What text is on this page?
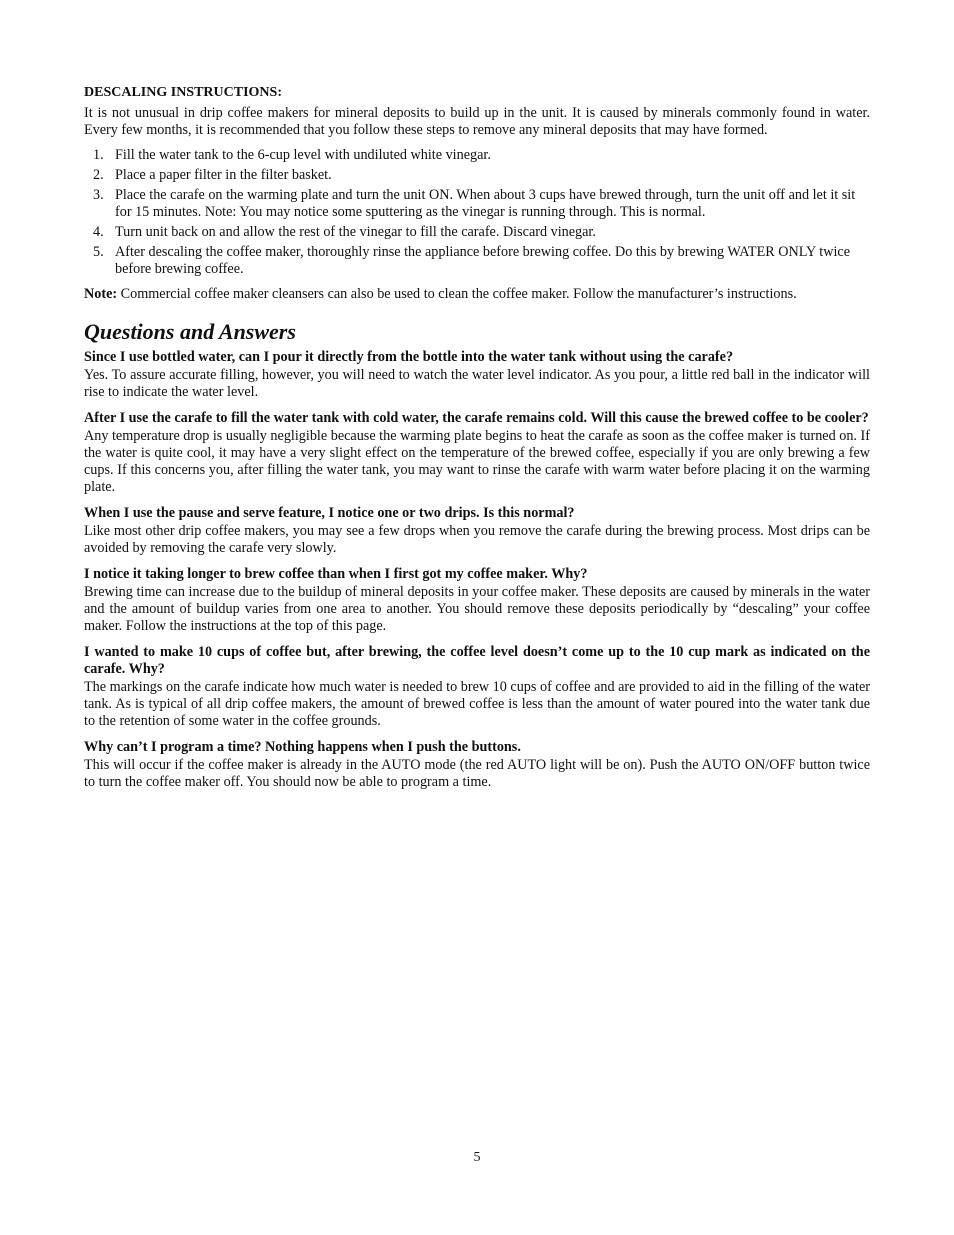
DESCALING INSTRUCTIONS:

It is not unusual in drip coffee makers for mineral deposits to build up in the unit. It is caused by minerals commonly found in water. Every few months, it is recommended that you follow these steps to remove any mineral deposits that may have formed.

1. Fill the water tank to the 6-cup level with undiluted white vinegar.
2. Place a paper filter in the filter basket.
3. Place the carafe on the warming plate and turn the unit ON. When about 3 cups have brewed through, turn the unit off and let it sit for 15 minutes. Note: You may notice some sputtering as the vinegar is running through. This is normal.
4. Turn unit back on and allow the rest of the vinegar to fill the carafe. Discard vinegar.
5. After descaling the coffee maker, thoroughly rinse the appliance before brewing coffee. Do this by brewing WATER ONLY twice before brewing coffee.

Note: Commercial coffee maker cleansers can also be used to clean the coffee maker. Follow the manufacturer’s instructions.

Questions and Answers

Since I use bottled water, can I pour it directly from the bottle into the water tank without using the carafe?

Yes. To assure accurate filling, however, you will need to watch the water level indicator. As you pour, a little red ball in the indicator will rise to indicate the water level.

After I use the carafe to fill the water tank with cold water, the carafe remains cold. Will this cause the brewed coffee to be cooler?

Any temperature drop is usually negligible because the warming plate begins to heat the carafe as soon as the coffee maker is turned on. If the water is quite cool, it may have a very slight effect on the temperature of the brewed coffee, especially if you are only brewing a few cups. If this concerns you, after filling the water tank, you may want to rinse the carafe with warm water before placing it on the warming plate.

When I use the pause and serve feature, I notice one or two drips. Is this normal?

Like most other drip coffee makers, you may see a few drops when you remove the carafe during the brewing process. Most drips can be avoided by removing the carafe very slowly.

I notice it taking longer to brew coffee than when I first got my coffee maker. Why?

Brewing time can increase due to the buildup of mineral deposits in your coffee maker. These deposits are caused by minerals in the water and the amount of buildup varies from one area to another. You should remove these deposits periodically by “descaling” your coffee maker. Follow the instructions at the top of this page.

I wanted to make 10 cups of coffee but, after brewing, the coffee level doesn’t come up to the 10 cup mark as indicated on the carafe. Why?

The markings on the carafe indicate how much water is needed to brew 10 cups of coffee and are provided to aid in the filling of the water tank. As is typical of all drip coffee makers, the amount of brewed coffee is less than the amount of water poured into the water tank due to the retention of some water in the coffee grounds.

Why can’t I program a time? Nothing happens when I push the buttons.

This will occur if the coffee maker is already in the AUTO mode (the red AUTO light will be on). Push the AUTO ON/OFF button twice to turn the coffee maker off. You should now be able to program a time.

5
